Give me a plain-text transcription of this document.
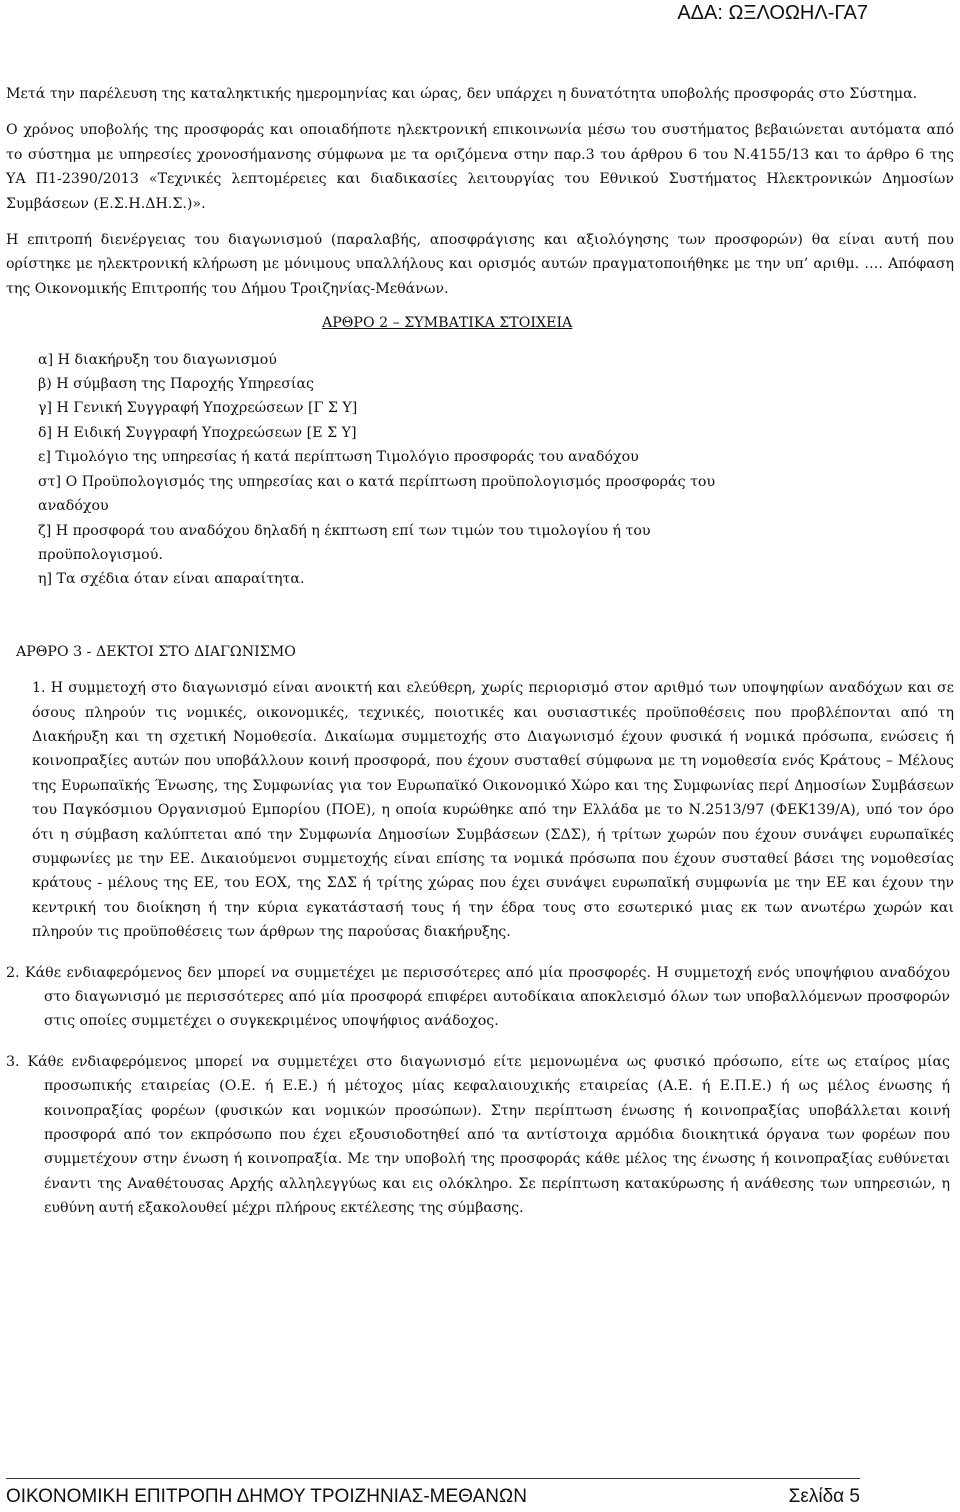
ΑΔΑ: ΩΞΛΟΩΗΛ-ΓΑ7

Μετά την παρέλευση της καταληκτικής ημερομηνίας και ώρας, δεν υπάρχει η δυνατότητα υποβολής προσφοράς στο Σύστημα.

Ο χρόνος υποβολής της προσφοράς και οποιαδήποτε ηλεκτρονική επικοινωνία μέσω του συστήματος βεβαιώνεται αυτόματα από το σύστημα με υπηρεσίες χρονοσήμανσης σύμφωνα με τα οριζόμενα στην παρ.3 του άρθρου 6 του Ν.4155/13 και το άρθρο 6 της ΥΑ Π1-2390/2013 «Τεχνικές λεπτομέρειες και διαδικασίες λειτουργίας του Εθνικού Συστήματος Ηλεκτρονικών Δημοσίων Συμβάσεων (Ε.Σ.Η.ΔΗ.Σ.)».

Η επιτροπή διενέργειας του διαγωνισμού (παραλαβής, αποσφράγισης και αξιολόγησης των προσφορών) θα είναι αυτή που ορίστηκε με ηλεκτρονική κλήρωση με μόνιμους υπαλλήλους και ορισμός αυτών πραγματοποιήθηκε με την υπ’ αριθμ. …. Απόφαση της Οικονομικής Επιτροπής του Δήμου Τροιζηνίας-Μεθάνων.

ΑΡΘΡΟ 2 – ΣΥΜΒΑΤΙΚΑ ΣΤΟΙΧΕΙΑ
α] Η διακήρυξη του διαγωνισμού
β) Η σύμβαση της Παροχής Υπηρεσίας
γ] Η Γενική Συγγραφή Υποχρεώσεων [Γ Σ Υ]
δ] Η Ειδική Συγγραφή Υποχρεώσεων [Ε Σ Υ]
ε] Τιμολόγιο της υπηρεσίας ή κατά περίπτωση Τιμολόγιο προσφοράς του αναδόχου
στ] Ο Προϋπολογισμός της υπηρεσίας και ο κατά περίπτωση προϋπολογισμός προσφοράς του αναδόχου
ζ] Η προσφορά του αναδόχου δηλαδή η έκπτωση επί των τιμών του τιμολογίου ή του προϋπολογισμού.
η] Τα σχέδια όταν είναι απαραίτητα.
ΑΡΘΡΟ 3 - ΔΕΚΤΟΙ ΣΤΟ ΔΙΑΓΩΝΙΣΜΟ

1. Η συμμετοχή στο διαγωνισμό είναι ανοικτή και ελεύθερη, χωρίς περιορισμό στον αριθμό των υποψηφίων αναδόχων και σε όσους πληρούν τις νομικές, οικονομικές, τεχνικές, ποιοτικές και ουσιαστικές προϋποθέσεις που προβλέπονται από τη Διακήρυξη και τη σχετική Νομοθεσία. Δικαίωμα συμμετοχής στο Διαγωνισμό έχουν φυσικά ή νομικά πρόσωπα, ενώσεις ή κοινοπραξίες αυτών που υποβάλλουν κοινή προσφορά, που έχουν συσταθεί σύμφωνα με τη νομοθεσία ενός Κράτους – Μέλους της Ευρωπαϊκής Ένωσης, της Συμφωνίας για τον Ευρωπαϊκό Οικονομικό Χώρο και της Συμφωνίας περί Δημοσίων Συμβάσεων του Παγκόσμιου Οργανισμού Εμπορίου (ΠΟΕ), η οποία κυρώθηκε από την Ελλάδα με το Ν.2513/97 (ΦΕΚ139/Α), υπό τον όρο ότι η σύμβαση καλύπτεται από την Συμφωνία Δημοσίων Συμβάσεων (ΣΔΣ), ή τρίτων χωρών που έχουν συνάψει ευρωπαϊκές συμφωνίες με την ΕΕ. Δικαιούμενοι συμμετοχής είναι επίσης τα νομικά πρόσωπα που έχουν συσταθεί βάσει της νομοθεσίας κράτους - μέλους της ΕΕ, του ΕΟΧ, της ΣΔΣ ή τρίτης χώρας που έχει συνάψει ευρωπαϊκή συμφωνία με την ΕΕ και έχουν την κεντρική του διοίκηση ή την κύρια εγκατάστασή τους ή την έδρα τους στο εσωτερικό μιας εκ των ανωτέρω χωρών και πληρούν τις προϋποθέσεις των άρθρων της παρούσας διακήρυξης.

2. Κάθε ενδιαφερόμενος δεν μπορεί να συμμετέχει με περισσότερες από μία προσφορές. Η συμμετοχή ενός υποψήφιου αναδόχου στο διαγωνισμό με περισσότερες από μία προσφορά επιφέρει αυτοδίκαια αποκλεισμό όλων των υποβαλλόμενων προσφορών στις οποίες συμμετέχει ο συγκεκριμένος υποψήφιος ανάδοχος.

3. Κάθε ενδιαφερόμενος μπορεί να συμμετέχει στο διαγωνισμό είτε μεμονωμένα ως φυσικό πρόσωπο, είτε ως εταίρος μίας προσωπικής εταιρείας (Ο.Ε. ή Ε.Ε.) ή μέτοχος μίας κεφαλαιουχικής εταιρείας (Α.Ε. ή Ε.Π.Ε.) ή ως μέλος ένωσης ή κοινοπραξίας φορέων (φυσικών και νομικών προσώπων). Στην περίπτωση ένωσης ή κοινοπραξίας υποβάλλεται κοινή προσφορά από τον εκπρόσωπο που έχει εξουσιοδοτηθεί από τα αντίστοιχα αρμόδια διοικητικά όργανα των φορέων που συμμετέχουν στην ένωση ή κοινοπραξία. Με την υποβολή της προσφοράς κάθε μέλος της ένωσης ή κοινοπραξίας ευθύνεται έναντι της Αναθέτουσας Αρχής αλληλεγγύως και εις ολόκληρο. Σε περίπτωση κατακύρωσης ή ανάθεσης των υπηρεσιών, η ευθύνη αυτή εξακολουθεί μέχρι πλήρους εκτέλεσης της σύμβασης.

ΟΙΚΟΝΟΜΙΚΗ ΕΠΙΤΡΟΠΗ ΔΗΜΟΥ ΤΡΟΙΖΗΝΙΑΣ-ΜΕΘΑΝΩΝ	Σελίδα 5
